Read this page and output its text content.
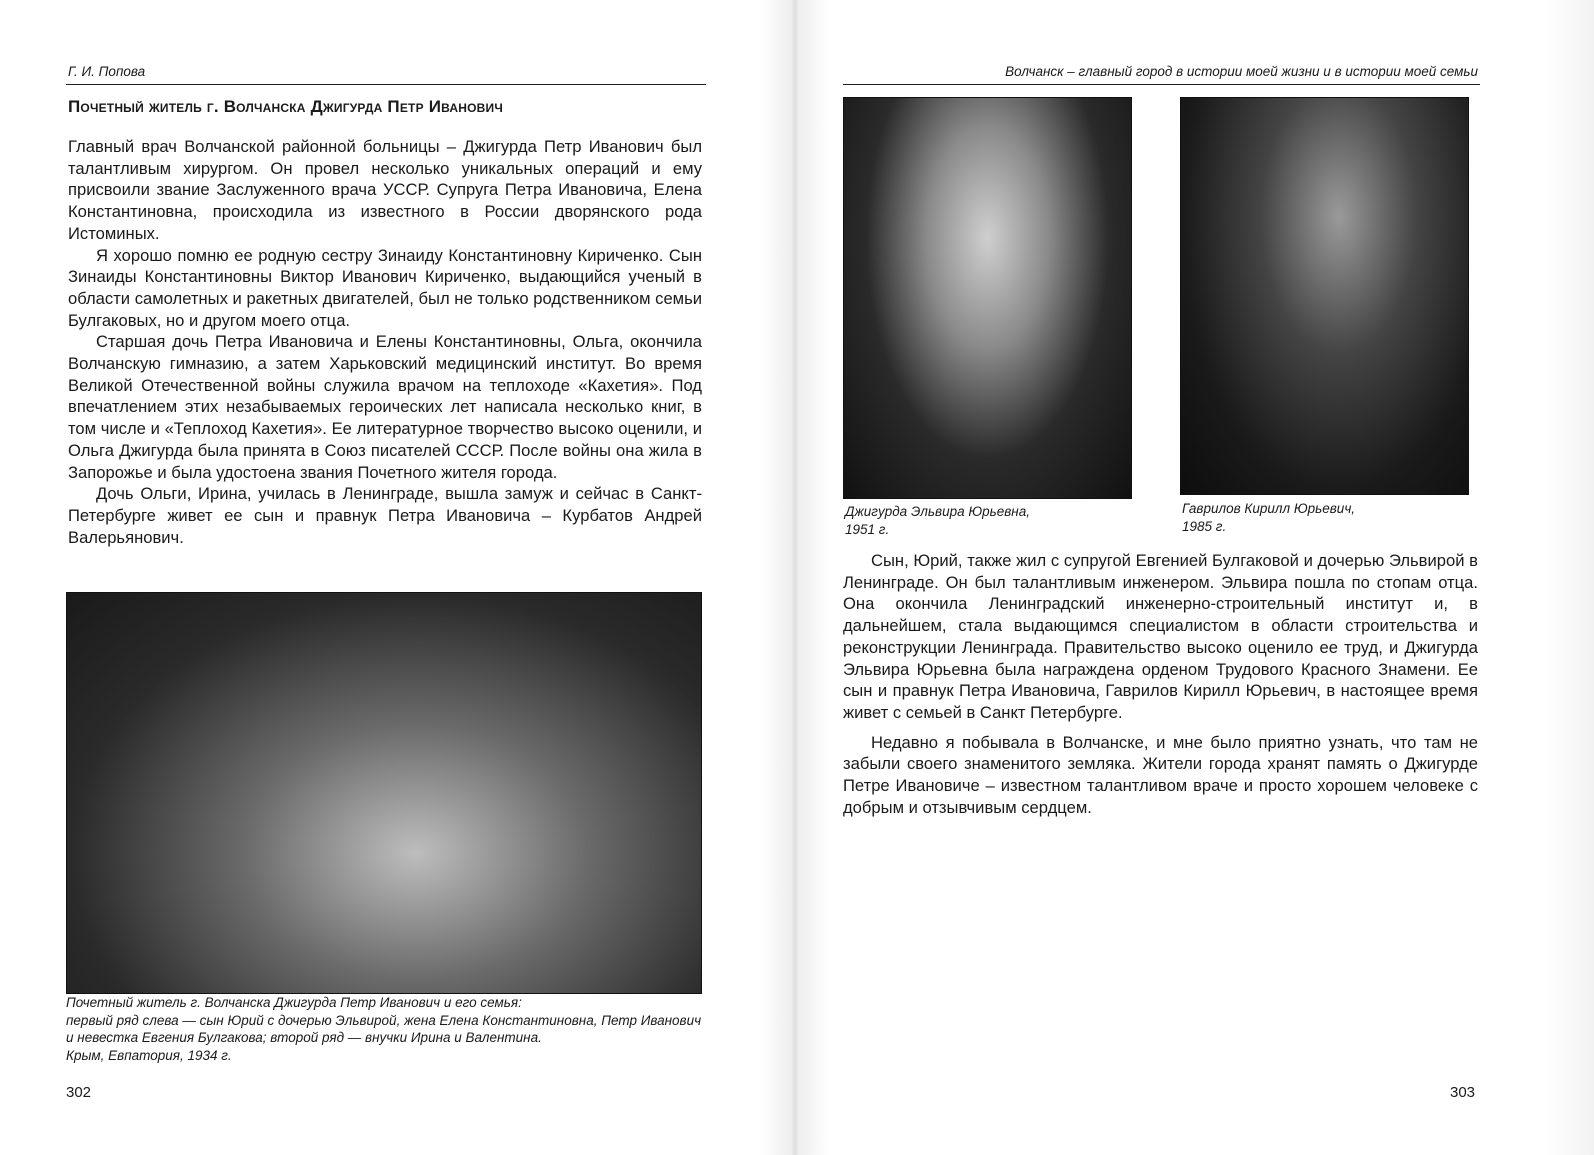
Г. И. Попова
Почетный житель г. Волчанска Джигурда Петр Иванович

Главный врач Волчанской районной больницы – Джигурда Петр Иванович был талантливым хирургом. Он провел несколько уникальных операций и ему присвоили звание Заслуженного врача УССР. Супруга Петра Ивановича, Елена Константиновна, происходила из известного в России дворянского рода Истоминых.

Я хорошо помню ее родную сестру Зинаиду Константиновну Кириченко. Сын Зинаиды Константиновны Виктор Иванович Кириченко, выдающийся ученый в области самолетных и ракетных двигателей, был не только родственником семьи Булгаковых, но и другом моего отца.

Старшая дочь Петра Ивановича и Елены Константиновны, Ольга, окончила Волчанскую гимназию, а затем Харьковский медицинский институт. Во время Великой Отечественной войны служила врачом на теплоходе «Кахетия». Под впечатлением этих незабываемых героических лет написала несколько книг, в том числе и «Теплоход Кахетия». Ее литературное творчество высоко оценили, и Ольга Джигурда была принята в Союз писателей СССР. После войны она жила в Запорожье и была удостоена звания Почетного жителя города.

Дочь Ольги, Ирина, училась в Ленинграде, вышла замуж и сейчас в Санкт-Петербурге живет ее сын и правнук Петра Ивановича – Курбатов Андрей Валерьянович.

Почетный житель г. Волчанска Джигурда Петр Иванович и его семья:
первый ряд слева — сын Юрий с дочерью Эльвирой, жена Елена Константиновна, Петр Иванович и невестка Евгения Булгакова; второй ряд — внучки Ирина и Валентина.
Крым, Евпатория, 1934 г.
302
Волчанск – главный город в истории моей жизни и в истории моей семьи
Джигурда Эльвира Юрьевна,
1951 г.
Гаврилов Кирилл Юрьевич,
1985 г.

Сын, Юрий, также жил с супругой Евгенией Булгаковой и дочерью Эльвирой в Ленинграде. Он был талантливым инженером. Эльвира пошла по стопам отца. Она окончила Ленинградский инженерно-строительный институт и, в дальнейшем, стала выдающимся специалистом в области строительства и реконструкции Ленинграда. Правительство высоко оценило ее труд, и Джигурда Эльвира Юрьевна была награждена орденом Трудового Красного Знамени. Ее сын и правнук Петра Ивановича, Гаврилов Кирилл Юрьевич, в настоящее время живет с семьей в Санкт Петербурге.

Недавно я побывала в Волчанске, и мне было приятно узнать, что там не забыли своего знаменитого земляка. Жители города хранят память о Джигурде Петре Ивановиче – известном талантливом враче и просто хорошем человеке с добрым и отзывчивым сердцем.

303
